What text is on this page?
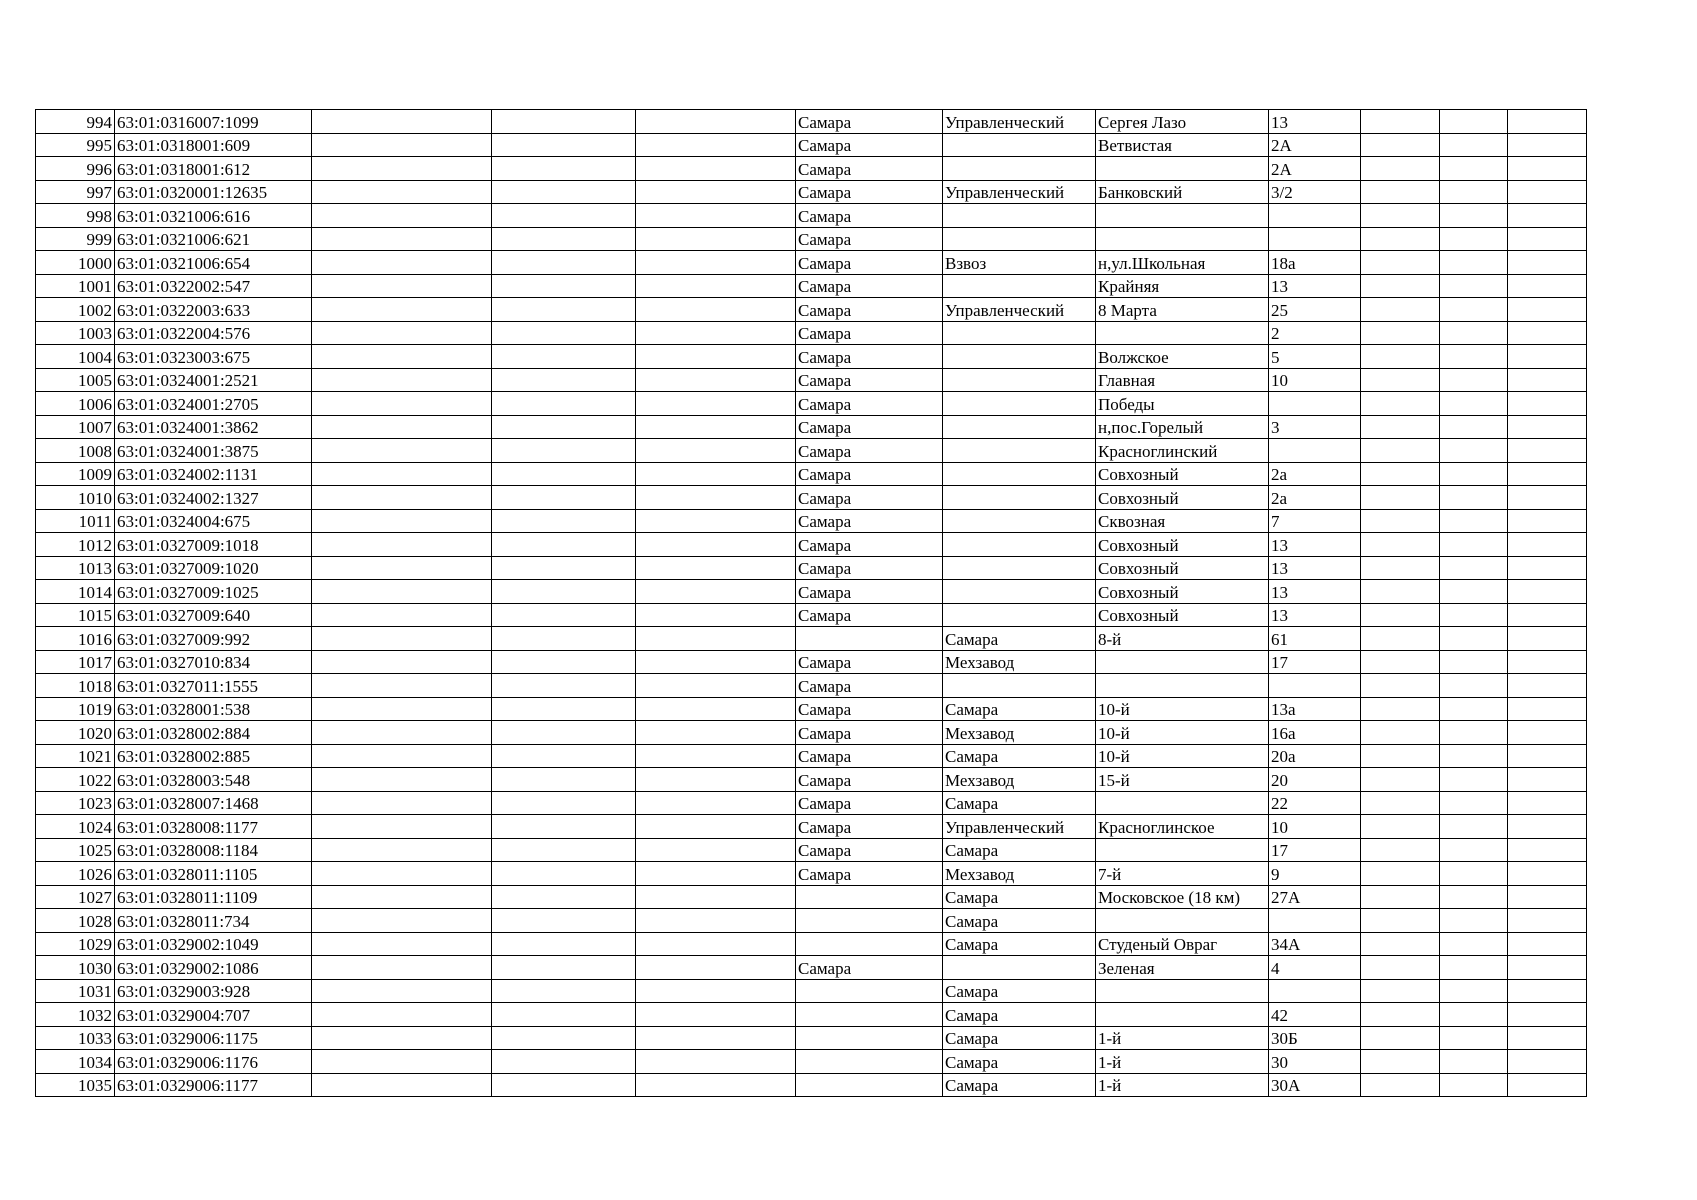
994	63:01:0316007:1099				Самара	Управленческий	Сергея Лазо	13			
995	63:01:0318001:609				Самара		Ветвистая	2А			
996	63:01:0318001:612				Самара			2А			
997	63:01:0320001:12635				Самара	Управленческий	Банковский	3/2			
998	63:01:0321006:616				Самара						
999	63:01:0321006:621				Самара						
1000	63:01:0321006:654				Самара	Взвоз	н,ул.Школьная	18а			
1001	63:01:0322002:547				Самара		Крайняя	13			
1002	63:01:0322003:633				Самара	Управленческий	8 Марта	25			
1003	63:01:0322004:576				Самара			2			
1004	63:01:0323003:675				Самара		Волжское	5			
1005	63:01:0324001:2521				Самара		Главная	10			
1006	63:01:0324001:2705				Самара		Победы				
1007	63:01:0324001:3862				Самара		н,пос.Горелый	3			
1008	63:01:0324001:3875				Самара		Красноглинский				
1009	63:01:0324002:1131				Самара		Совхозный	2а			
1010	63:01:0324002:1327				Самара		Совхозный	2а			
1011	63:01:0324004:675				Самара		Сквозная	7			
1012	63:01:0327009:1018				Самара		Совхозный	13			
1013	63:01:0327009:1020				Самара		Совхозный	13			
1014	63:01:0327009:1025				Самара		Совхозный	13			
1015	63:01:0327009:640				Самара		Совхозный	13			
1016	63:01:0327009:992					Самара	8-й	61			
1017	63:01:0327010:834				Самара	Мехзавод		17			
1018	63:01:0327011:1555				Самара						
1019	63:01:0328001:538				Самара	Самара	10-й	13а			
1020	63:01:0328002:884				Самара	Мехзавод	10-й	16а			
1021	63:01:0328002:885				Самара	Самара	10-й	20а			
1022	63:01:0328003:548				Самара	Мехзавод	15-й	20			
1023	63:01:0328007:1468				Самара	Самара		22			
1024	63:01:0328008:1177				Самара	Управленческий	Красноглинское	10			
1025	63:01:0328008:1184				Самара	Самара		17			
1026	63:01:0328011:1105				Самара	Мехзавод	7-й	9			
1027	63:01:0328011:1109					Самара	Московское (18 км)	27А			
1028	63:01:0328011:734					Самара					
1029	63:01:0329002:1049					Самара	Студеный Овраг	34А			
1030	63:01:0329002:1086				Самара		Зеленая	4			
1031	63:01:0329003:928					Самара					
1032	63:01:0329004:707					Самара		42			
1033	63:01:0329006:1175					Самара	1-й	30Б			
1034	63:01:0329006:1176					Самара	1-й	30			
1035	63:01:0329006:1177					Самара	1-й	30А			
